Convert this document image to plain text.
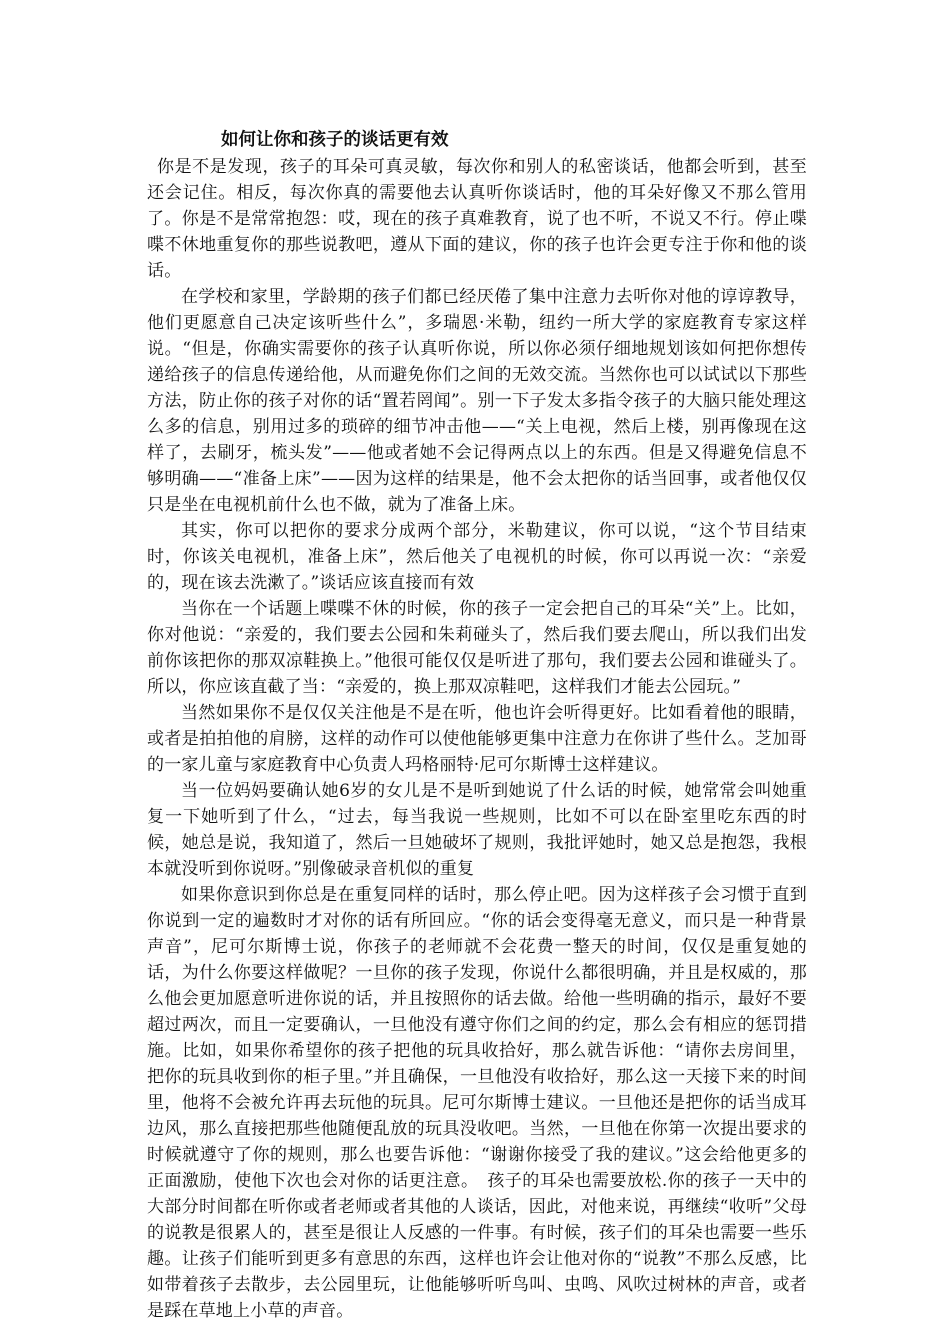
如何让你和孩子的谈话更有效

你是不是发现，孩子的耳朵可真灵敏，每次你和别人的私密谈话，他都会听到，甚至还会记住。相反，每次你真的需要他去认真听你谈话时，他的耳朵好像又不那么管用了。你是不是常常抱怨：哎，现在的孩子真难教育，说了也不听，不说又不行。停止喋喋不休地重复你的那些说教吧，遵从下面的建议，你的孩子也许会更专注于你和他的谈话。

在学校和家里，学龄期的孩子们都已经厌倦了集中注意力去听你对他的谆谆教导，他们更愿意自己决定该听些什么”，多瑞恩·米勒，纽约一所大学的家庭教育专家这样说。“但是，你确实需要你的孩子认真听你说，所以你必须仔细地规划该如何把你想传递给孩子的信息传递给他，从而避免你们之间的无效交流。当然你也可以试试以下那些方法，防止你的孩子对你的话“置若罔闻”。别一下子发太多指令孩子的大脑只能处理这么多的信息，别用过多的琐碎的细节冲击他——“关上电视，然后上楼，别再像现在这样了，去刷牙，梳头发”——他或者她不会记得两点以上的东西。但是又得避免信息不够明确——“准备上床”——因为这样的结果是，他不会太把你的话当回事，或者他仅仅只是坐在电视机前什么也不做，就为了准备上床。

其实，你可以把你的要求分成两个部分，米勒建议，你可以说，“这个节目结束时，你该关电视机，准备上床”，然后他关了电视机的时候，你可以再说一次：“亲爱的，现在该去洗漱了。”谈话应该直接而有效

当你在一个话题上喋喋不休的时候，你的孩子一定会把自己的耳朵“关”上。比如，你对他说：“亲爱的，我们要去公园和朱莉碰头了，然后我们要去爬山，所以我们出发前你该把你的那双凉鞋换上。”他很可能仅仅是听进了那句，我们要去公园和谁碰头了。所以，你应该直截了当：“亲爱的，换上那双凉鞋吧，这样我们才能去公园玩。”

当然如果你不是仅仅关注他是不是在听，他也许会听得更好。比如看着他的眼睛，或者是拍拍他的肩膀，这样的动作可以使他能够更集中注意力在你讲了些什么。芝加哥的一家儿童与家庭教育中心负责人玛格丽特·尼可尔斯博士这样建议。

当一位妈妈要确认她6岁的女儿是不是听到她说了什么话的时候，她常常会叫她重复一下她听到了什么，“过去，每当我说一些规则，比如不可以在卧室里吃东西的时候，她总是说，我知道了，然后一旦她破坏了规则，我批评她时，她又总是抱怨，我根本就没听到你说呀。”别像破录音机似的重复

如果你意识到你总是在重复同样的话时，那么停止吧。因为这样孩子会习惯于直到你说到一定的遍数时才对你的话有所回应。“你的话会变得毫无意义，而只是一种背景声音”，尼可尔斯博士说，你孩子的老师就不会花费一整天的时间，仅仅是重复她的话，为什么你要这样做呢？一旦你的孩子发现，你说什么都很明确，并且是权威的，那么他会更加愿意听进你说的话，并且按照你的话去做。给他一些明确的指示，最好不要超过两次，而且一定要确认，一旦他没有遵守你们之间的约定，那么会有相应的惩罚措施。比如，如果你希望你的孩子把他的玩具收拾好，那么就告诉他：“请你去房间里，把你的玩具收到你的柜子里。”并且确保，一旦他没有收拾好，那么这一天接下来的时间里，他将不会被允许再去玩他的玩具。尼可尔斯博士建议。一旦他还是把你的话当成耳边风，那么直接把那些他随便乱放的玩具没收吧。当然，一旦他在你第一次提出要求的时候就遵守了你的规则，那么也要告诉他：“谢谢你接受了我的建议。”这会给他更多的正面激励，使他下次也会对你的话更注意。　孩子的耳朵也需要放松.你的孩子一天中的大部分时间都在听你或者老师或者其他的人谈话，因此，对他来说，再继续“收听”父母的说教是很累人的，甚至是很让人反感的一件事。有时候，孩子们的耳朵也需要一些乐趣。让孩子们能听到更多有意思的东西，这样也许会让他对你的“说教”不那么反感，比如带着孩子去散步，去公园里玩，让他能够听听鸟叫、虫鸣、风吹过树林的声音，或者是踩在草地上小草的声音。
